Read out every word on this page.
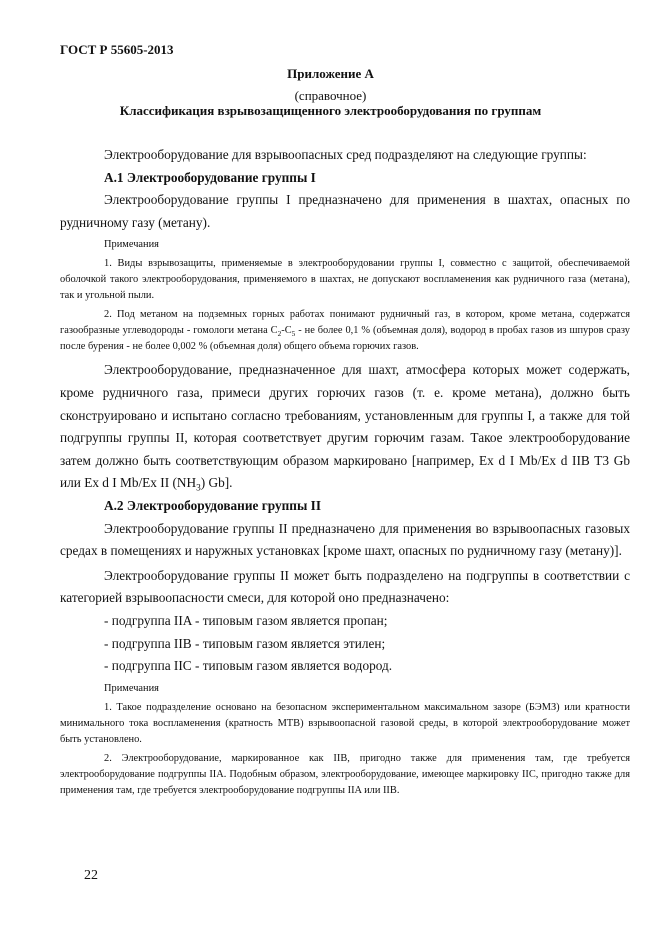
ГОСТ Р 55605-2013
Приложение А
(справочное)
Классификация взрывозащищенного электрооборудования по группам

Электрооборудование для взрывоопасных сред подразделяют на следующие группы:

А.1 Электрооборудование группы I

Электрооборудование группы I предназначено для применения в шахтах, опасных по рудничному газу (метану).

Примечания

1. Виды взрывозащиты, применяемые в электрооборудовании группы I, совместно с защитой, обеспечиваемой оболочкой такого электрооборудования, применяемого в шахтах, не допускают воспламенения как рудничного газа (метана), так и угольной пыли.

2. Под метаном на подземных горных работах понимают рудничный газ, в котором, кроме метана, содержатся газообразные углеводороды - гомологи метана $С_2-С_5$ - не более 0,1 % (объемная доля), водород в пробах газов из шпуров сразу после бурения - не более 0,002 % (объемная доля) общего объема горючих газов.

Электрооборудование, предназначенное для шахт, атмосфера которых может содержать, кроме рудничного газа, примеси других горючих газов (т. е. кроме метана), должно быть сконструировано и испытано согласно требованиям, установленным для группы I, а также для той подгруппы группы II, которая соответствует другим горючим газам. Такое электрооборудование затем должно быть соответствующим образом маркировано [например, Ex d I Mb/Ex d IIB T3 Gb или Ex d I Mb/Ex II $(NH_3)$ Gb].

А.2 Электрооборудование группы II

Электрооборудование группы II предназначено для применения во взрывоопасных газовых средах в помещениях и наружных установках [кроме шахт, опасных по рудничному газу (метану)].

Электрооборудование группы II может быть подразделено на подгруппы в соответствии с категорией взрывоопасности смеси, для которой оно предназначено:

- подгруппа IIA - типовым газом является пропан;

- подгруппа IIB - типовым газом является этилен;

- подгруппа IIC - типовым газом является водород.

Примечания

1. Такое подразделение основано на безопасном экспериментальном максимальном зазоре (БЭМЗ) или кратности минимального тока воспламенения (кратность МТВ) взрывоопасной газовой среды, в которой электрооборудование может быть установлено.

2. Электрооборудование, маркированное как IIB, пригодно также для применения там, где требуется электрооборудование подгруппы IIA. Подобным образом, электрооборудование, имеющее маркировку IIC, пригодно также для применения там, где требуется электрооборудование подгруппы IIA или IIB.

22
